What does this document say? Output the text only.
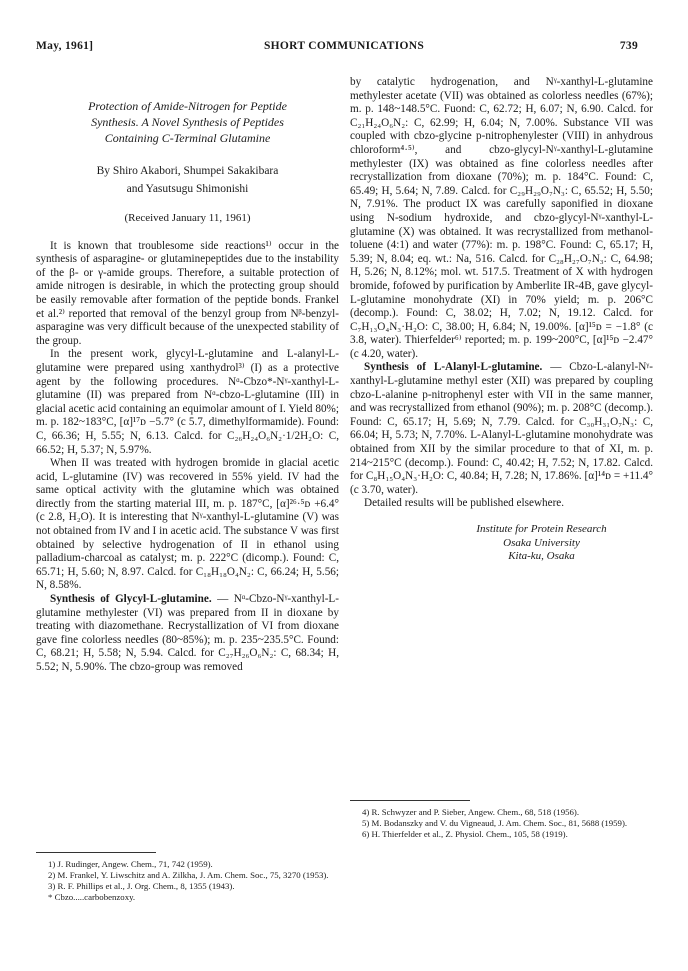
May, 1961]	SHORT COMMUNICATIONS	739
Protection of Amide-Nitrogen for Peptide
Synthesis. A Novel Synthesis of Peptides
Containing C-Terminal Glutamine
By Shiro Akabori, Shumpei Sakakibara
and Yasutsugu Shimonishi
(Received January 11, 1961)

It is known that troublesome side reactions¹⁾ occur in the synthesis of asparagine- or glutaminepeptides due to the instability of the β- or γ-amide groups. Therefore, a suitable protection of amide nitrogen is desirable, in which the protecting group should be easily removable after formation of the peptide bonds. Frankel et al.²⁾ reported that removal of the benzyl group from Nᵝ-benzyl-asparagine was very difficult because of the unexpected stability of the group.

In the present work, glycyl-L-glutamine and L-alanyl-L-glutamine were prepared using xanthydrol³⁾ (I) as a protective agent by the following procedures. Nᵅ-Cbzo*-Nᵞ-xanthyl-L-glutamine (II) was prepared from Nᵅ-cbzo-L-glutamine (III) in glacial acetic acid containing an equimolar amount of I. Yield 80%; m. p. 182~183°C, [α]¹⁷ᴅ −5.7° (c 5.7, dimethylformamide). Found: C, 66.36; H, 5.55; N, 6.13. Calcd. for C₂₆H₂₄O₆N₂·1/2H₂O: C, 66.52; H, 5.37; N, 5.97%.

When II was treated with hydrogen bromide in glacial acetic acid, L-glutamine (IV) was recovered in 55% yield. IV had the same optical activity with the glutamine which was obtained directly from the starting material III, m. p. 187°C, [α]²⁶·⁵ᴅ +6.4° (c 2.8, H₂O). It is interesting that Nᵞ-xanthyl-L-glutamine (V) was not obtained from IV and I in acetic acid. The substance V was first obtained by selective hydrogenation of II in ethanol using palladium-charcoal as catalyst; m. p. 222°C (dicomp.). Found: C, 65.71; H, 5.60; N, 8.97. Calcd. for C₁₈H₁₈O₄N₂: C, 66.24; H, 5.56; N, 8.58%.

Synthesis of Glycyl-L-glutamine. — Nᵅ-Cbzo-Nᵞ-xanthyl-L-glutamine methylester (VI) was prepared from II in dioxane by treating with diazomethane. Recrystallization of VI from dioxane gave fine colorless needles (80~85%); m. p. 235~235.5°C. Found: C, 68.21; H, 5.58; N, 5.94. Calcd. for C₂₇H₂₆O₆N₂: C, 68.34; H, 5.52; N, 5.90%. The cbzo-group was removed

by catalytic hydrogenation, and Nᵞ-xanthyl-L-glutamine methylester acetate (VII) was obtained as colorless needles (67%); m. p. 148~148.5°C. Fuond: C, 62.72; H, 6.07; N, 6.90. Calcd. for C₂₁H₂₄O₆N₂: C, 62.99; H, 6.04; N, 7.00%. Substance VII was coupled with cbzo-glycine p-nitrophenylester (VIII) in anhydrous chloroform⁴·⁵⁾, and cbzo-glycyl-Nᵞ-xanthyl-L-glutamine methylester (IX) was obtained as fine colorless needles after recrystallization from dioxane (70%); m. p. 184°C. Found: C, 65.49; H, 5.64; N, 7.89. Calcd. for C₂₉H₂₉O₇N₃: C, 65.52; H, 5.50; N, 7.91%. The product IX was carefully saponified in dioxane using N-sodium hydroxide, and cbzo-glycyl-Nᵞ-xanthyl-L-glutamine (X) was obtained. It was recrystallized from methanol-toluene (4:1) and water (77%): m. p. 198°C. Found: C, 65.17; H, 5.39; N, 8.04; eq. wt.: Na, 516. Calcd. for C₂₈H₂₇O₇N₃: C, 64.98; H, 5.26; N, 8.12%; mol. wt. 517.5. Treatment of X with hydrogen bromide, fofowed by purification by Amberlite IR-4B, gave glycyl-L-glutamine monohydrate (XI) in 70% yield; m. p. 206°C (decomp.). Found: C, 38.02; H, 7.02; N, 19.12. Calcd. for C₇H₁₃O₄N₃·H₂O: C, 38.00; H, 6.84; N, 19.00%. [α]¹⁵ᴅ = −1.8° (c 3.8, water). Thierfelder⁶⁾ reported; m. p. 199~200°C, [α]¹⁵ᴅ −2.47° (c 4.20, water).

Synthesis of L-Alanyl-L-glutamine. — Cbzo-L-alanyl-Nᵞ-xanthyl-L-glutamine methyl ester (XII) was prepared by coupling cbzo-L-alanine p-nitrophenyl ester with VII in the same manner, and was recrystallized from ethanol (90%); m. p. 208°C (decomp.). Found: C, 65.17; H, 5.69; N, 7.79. Calcd. for C₃₀H₃₁O₇N₃: C, 66.04; H, 5.73; N, 7.70%. L-Alanyl-L-glutamine monohydrate was obtained from XII by the similar procedure to that of XI, m. p. 214~215°C (decomp.). Found: C, 40.42; H, 7.52; N, 17.82. Calcd. for C₈H₁₅O₄N₃·H₂O: C, 40.84; H, 7.28; N, 17.86%. [α]¹⁴ᴅ = +11.4° (c 3.70, water).

Detailed results will be published elsewhere.

Institute for Protein Research
Osaka University
Kita-ku, Osaka
4) R. Schwyzer and P. Sieber, Angew. Chem., 68, 518 (1956).
5) M. Bodanszky and V. du Vigneaud, J. Am. Chem. Soc., 81, 5688 (1959).
6) H. Thierfelder et al., Z. Physiol. Chem., 105, 58 (1919).
1) J. Rudinger, Angew. Chem., 71, 742 (1959).
2) M. Frankel, Y. Liwschitz and A. Zilkha, J. Am. Chem. Soc., 75, 3270 (1953).
3) R. F. Phillips et al., J. Org. Chem., 8, 1355 (1943).
* Cbzo.....carbobenzoxy.
